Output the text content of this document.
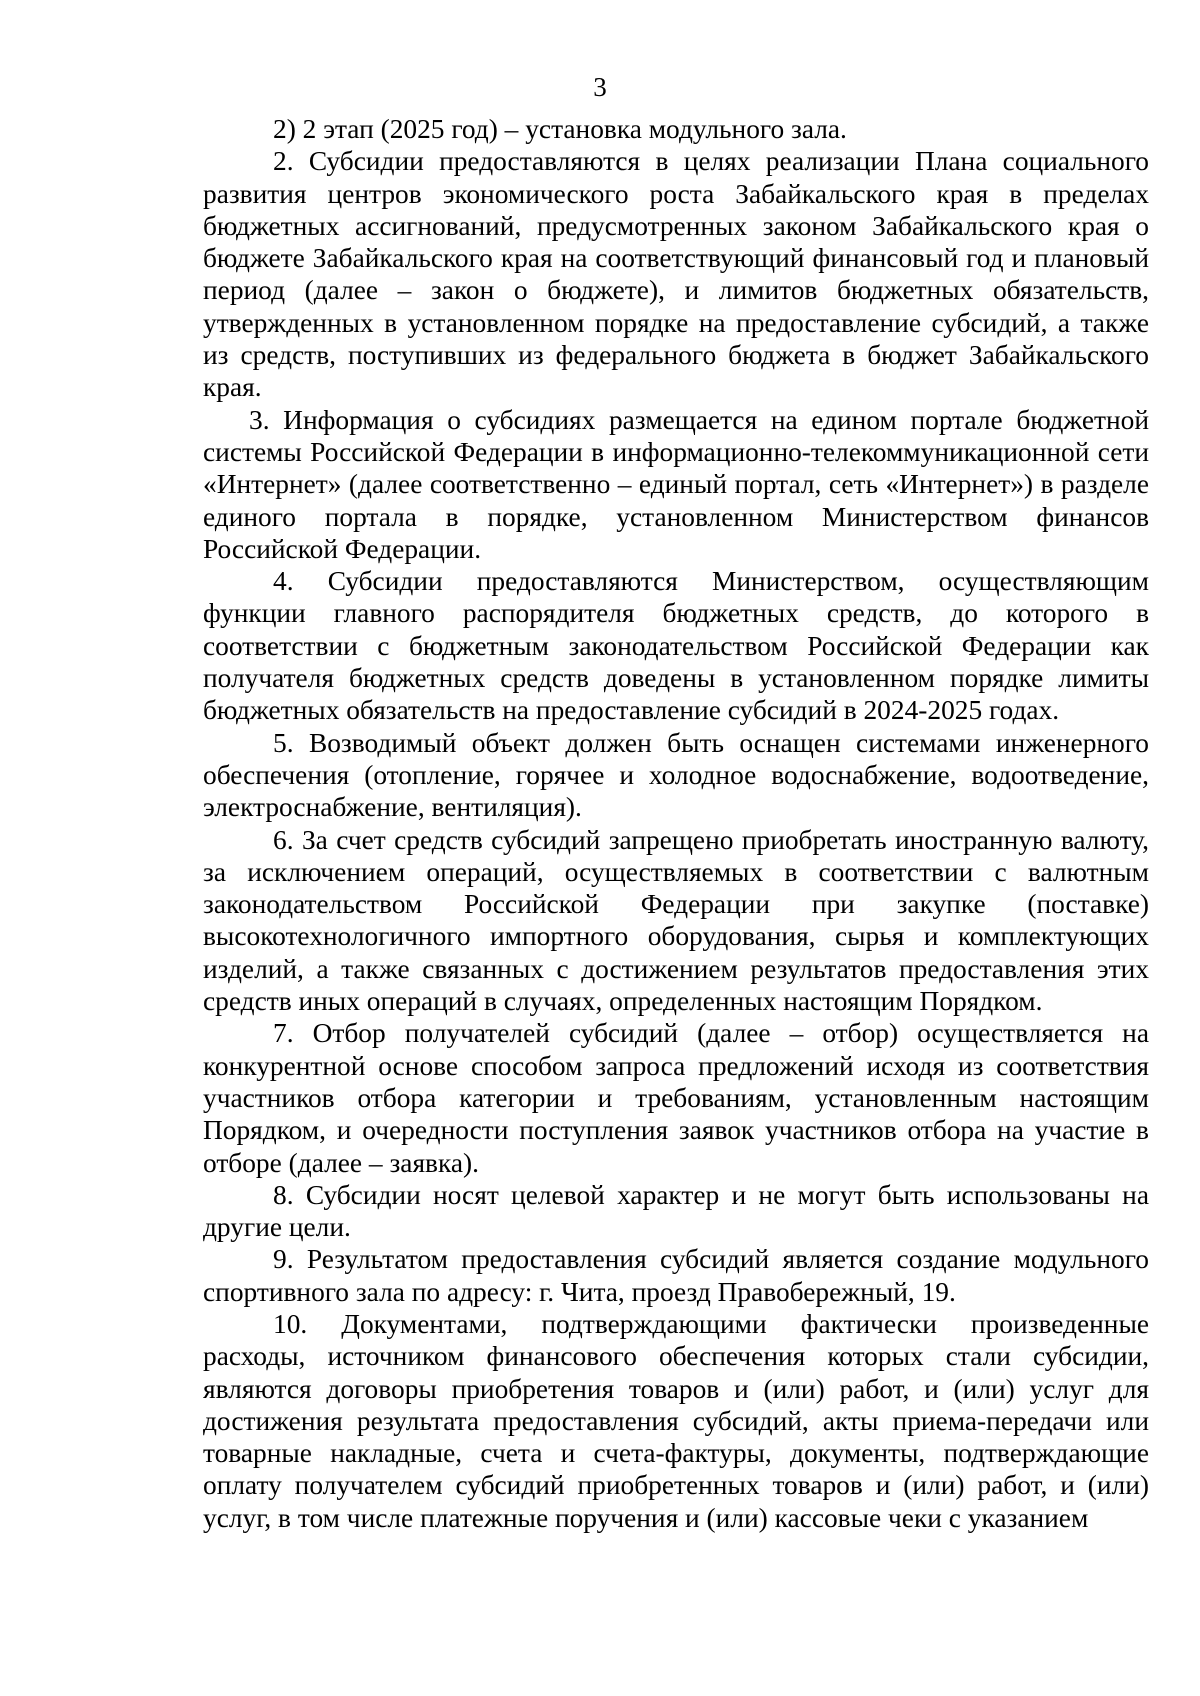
3

2) 2 этап (2025 год) – установка модульного зала.

2. Субсидии предоставляются в целях реализации Плана социального развития центров экономического роста Забайкальского края в пределах бюджетных ассигнований, предусмотренных законом Забайкальского края о бюджете Забайкальского края на соответствующий финансовый год и плановый период (далее – закон о бюджете), и лимитов бюджетных обязательств, утвержденных в установленном порядке на предоставление субсидий, а также из средств, поступивших из федерального бюджета в бюджет Забайкальского края.

3. Информация о субсидиях размещается на едином портале бюджетной системы Российской Федерации в информационно-телекоммуникационной сети «Интернет» (далее соответственно – единый портал, сеть «Интернет») в разделе единого портала в порядке, установленном Министерством финансов Российской Федерации.

4. Субсидии предоставляются Министерством, осуществляющим функции главного распорядителя бюджетных средств, до которого в соответствии с бюджетным законодательством Российской Федерации как получателя бюджетных средств доведены в установленном порядке лимиты бюджетных обязательств на предоставление субсидий в 2024-2025 годах.

5. Возводимый объект должен быть оснащен системами инженерного обеспечения (отопление, горячее и холодное водоснабжение, водоотведение, электроснабжение, вентиляция).

6. За счет средств субсидий запрещено приобретать иностранную валюту, за исключением операций, осуществляемых в соответствии с валютным законодательством Российской Федерации при закупке (поставке) высокотехнологичного импортного оборудования, сырья и комплектующих изделий, а также связанных с достижением результатов предоставления этих средств иных операций в случаях, определенных настоящим Порядком.

7. Отбор получателей субсидий (далее – отбор) осуществляется на конкурентной основе способом запроса предложений исходя из соответствия участников отбора категории и требованиям, установленным настоящим Порядком, и очередности поступления заявок участников отбора на участие в отборе (далее – заявка).

8. Субсидии носят целевой характер и не могут быть использованы на другие цели.

9. Результатом предоставления субсидий является создание модульного спортивного зала по адресу: г. Чита, проезд Правобережный, 19.

10. Документами, подтверждающими фактически произведенные расходы, источником финансового обеспечения которых стали субсидии, являются договоры приобретения товаров и (или) работ, и (или) услуг для достижения результата предоставления субсидий, акты приема-передачи или товарные накладные, счета и счета-фактуры, документы, подтверждающие оплату получателем субсидий приобретенных товаров и (или) работ, и (или) услуг, в том числе платежные поручения и (или) кассовые чеки с указанием
